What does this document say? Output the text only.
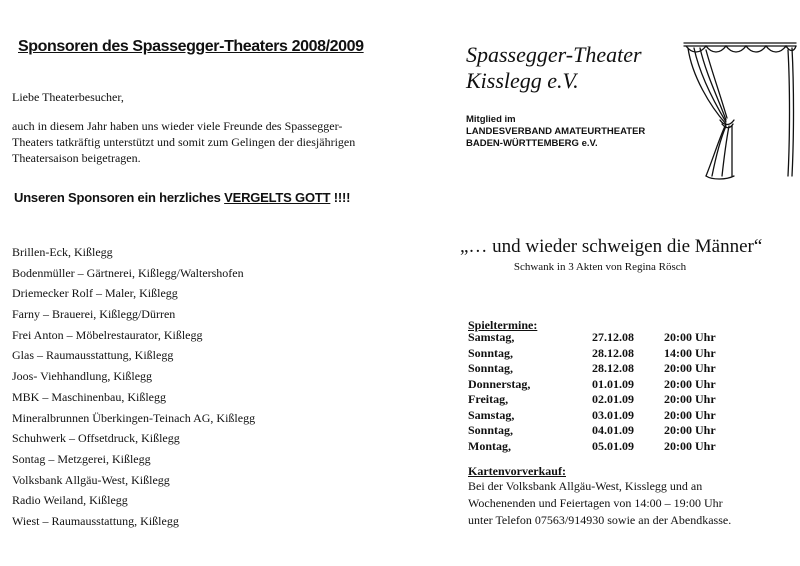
Sponsoren des Spassegger-Theaters 2008/2009
Liebe Theaterbesucher,
auch in diesem Jahr haben uns wieder viele Freunde des Spassegger-
Theaters tatkräftig unterstützt und somit zum Gelingen der diesjährigen
Theatersaison beigetragen.
Unseren Sponsoren ein herzliches VERGELTS GOTT !!!!
Brillen-Eck, Kißlegg
Bodenmüller – Gärtnerei, Kißlegg/Waltershofen
Driemecker Rolf – Maler, Kißlegg
Farny – Brauerei, Kißlegg/Dürren
Frei Anton – Möbelrestaurator, Kißlegg
Glas – Raumausstattung, Kißlegg
Joos- Viehhandlung, Kißlegg
MBK – Maschinenbau, Kißlegg
Mineralbrunnen Überkingen-Teinach AG, Kißlegg
Schuhwerk – Offsetdruck, Kißlegg
Sontag – Metzgerei, Kißlegg
Volksbank Allgäu-West, Kißlegg
Radio Weiland, Kißlegg
Wiest – Raumausstattung, Kißlegg
Spassegger-Theater
Kisslegg e.V.
Mitglied im
LANDESVERBAND AMATEURTHEATER
BADEN-WÜRTTEMBERG e.V.
„… und wieder schweigen die Männer“
Schwank in 3 Akten von Regina Rösch
Spieltermine:
Samstag,	27.12.08	20:00 Uhr
Sonntag,	28.12.08	14:00 Uhr
Sonntag,	28.12.08	20:00 Uhr
Donnerstag,	01.01.09	20:00 Uhr
Freitag,	02.01.09	20:00 Uhr
Samstag,	03.01.09	20:00 Uhr
Sonntag,	04.01.09	20:00 Uhr
Montag,	05.01.09	20:00 Uhr
Kartenvorverkauf:
Bei der Volksbank Allgäu-West, Kisslegg und an
Wochenenden und Feiertagen von 14:00 – 19:00 Uhr
unter Telefon 07563/914930 sowie an der Abendkasse.
